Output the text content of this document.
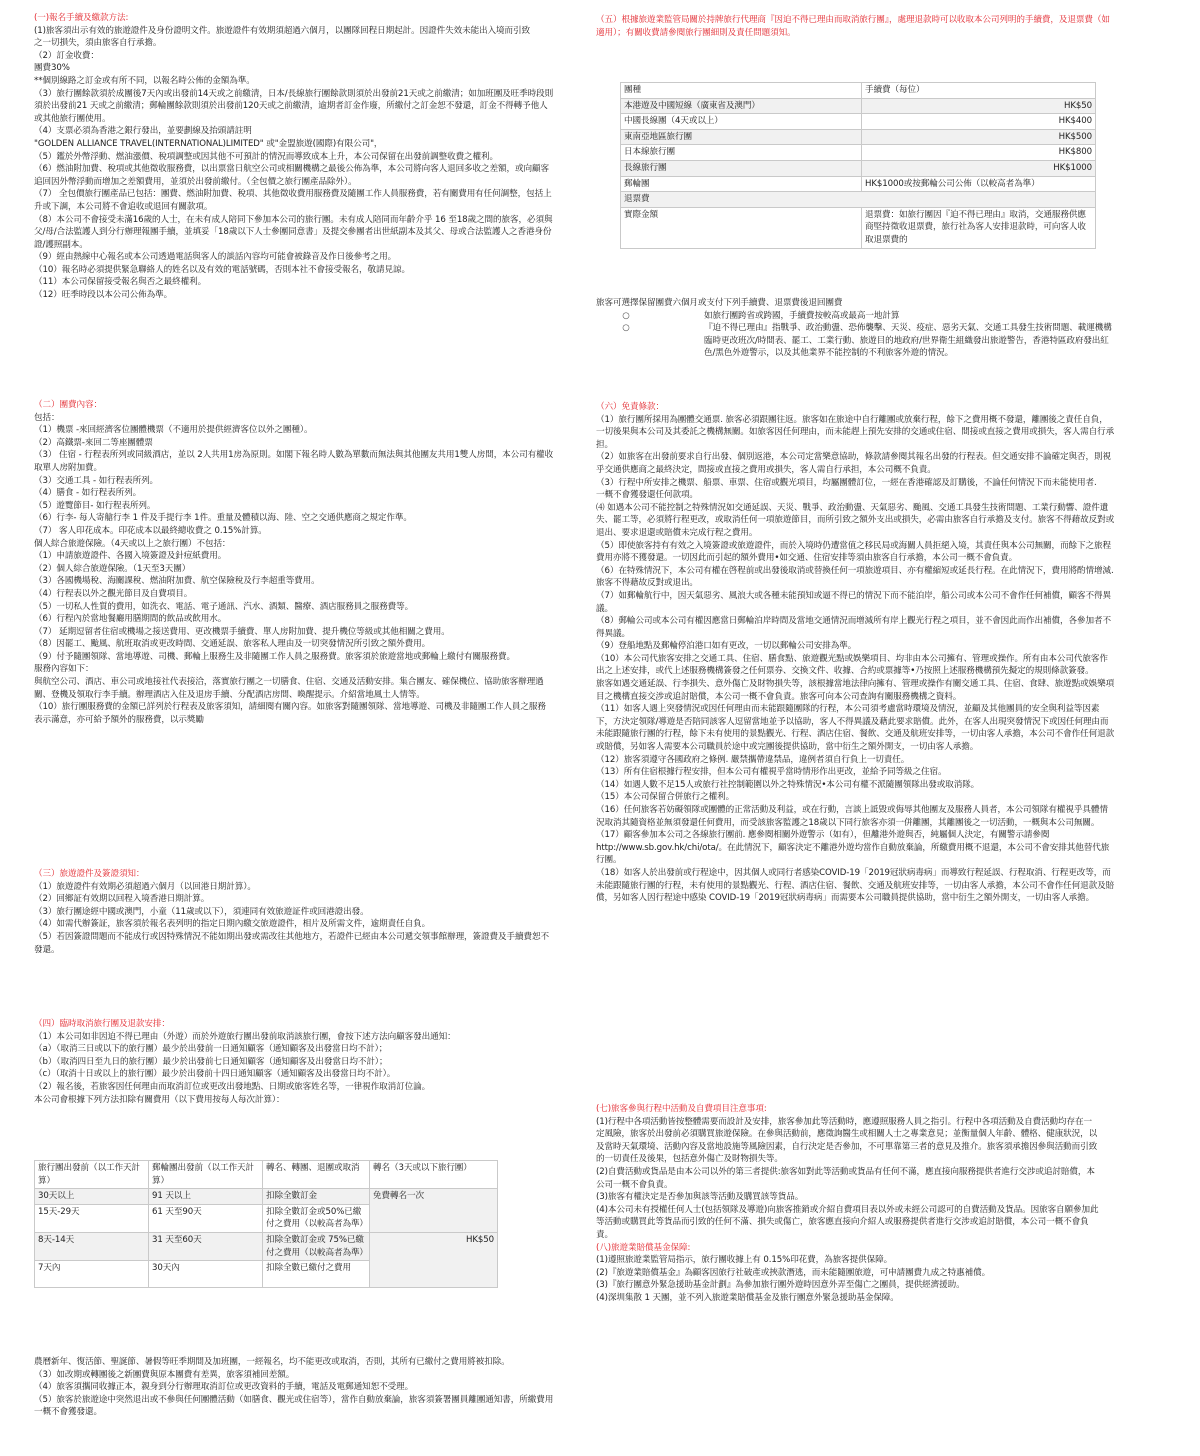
(一)報名手續及繳款方法:

(1)旅客須出示有效的旅遊證件及身份證明文件。旅遊證件有效期須超過六個月，以團隊回程日期起計。因證件失效未能出入境而引致

之一切損失，須由旅客自行承擔。

（2）訂金收費：

團費30%

**個別線路之訂金或有所不同，以報名時公佈的金額為準。

（3）旅行團餘款須於成團後7天內或出發前14天或之前繳清，日本/長線旅行團餘款則須於出發前21天或之前繳清；如加班團及旺季時段則須於出發前21 天或之前繳清；郵輪團餘款則須於出發前120天或之前繳清，逾期者訂金作廢，所繳付之訂金恕不發還，訂金不得轉予他人或其他旅行團使用。

（4）支票必須為香港之銀行發出，並要劃線及抬頭請註明

"GOLDEN ALLIANCE TRAVEL(INTERNATIONAL)LIMITED" 或"金盟旅遊(國際)有限公司"，

（5）鑑於外幣浮動、燃油漲價、稅項調整或因其他不可預計的情況而導致成本上升，本公司保留在出發前調整收費之權利。

（6）燃油附加費、稅項或其他徵收服務費，以出票當日航空公司或相關機構之最後公佈為準，本公司將向客人退回多收之差額，或向顧客追回因外幣浮動而增加之差額費用，並須於出發前繳付。（全包價之旅行團產品除外）。

（7） 全包價旅行團產品已包括：團費、燃油附加費、稅項、其他徵收費用服務費及隨團工作人員服務費，若有關費用有任何調整，包括上升或下調，本公司將不會追收或退回有關款項。

（8）本公司不會接受未滿16歲的人士，在未有成人陪同下參加本公司的旅行團。未有成人陪同而年齡介乎 16 至18歲之間的旅客，必須與父/母/合法監護人到分行辦理報團手續，並填妥「18歲以下人士參團同意書」及提交參團者出世紙副本及其父、母或合法監護人之香港身份證/護照副本。

（9）經由熱線中心報名或本公司透過電話與客人的談話內容均可能會被錄音及作日後參考之用。

（10）報名時必須提供緊急聯絡人的姓名以及有效的電話號碼，否則本社不會接受報名，敬請見諒。

（11）本公司保留接受報名與否之最終權利。

（12）旺季時段以本公司公佈為準。

（二）團費內容：

包括：

（1）機票 -來回經濟客位團體機票（不適用於提供經濟客位以外之團種）。

（2）高鐵票-來回二等座團體票

（3） 住宿 - 行程表所列或同級酒店，並以 2人共用1房為原則。如閣下報名時人數為單數而無法與其他團友共用1雙人房間，本公司有權收取單人房附加費。

（3）交通工具 - 如行程表所列。

（4）膳食 - 如行程表所列。

（5）遊覽節目- 如行程表所列。

（6）行李- 每人寄艙行李 1 件及手提行李 1件。重量及體積以海、陸、空之交通供應商之規定作準。

（7） 客人印花成本。印花成本以最終總收費之 0.15%計算。

個人綜合旅遊保險。（4天或以上之旅行團）不包括：

（1）申請旅遊證件、各國入境簽證及針痘紙費用。

（2）個人綜合旅遊保險。（1天至3天團）

（3）各國機場稅、海關課稅、燃油附加費、航空保險稅及行李超重等費用。

（4）行程表以外之觀光節目及自費項目。

（5）一切私人性質的費用，如洗衣、電話、電子通訊、汽水、酒類、醫療、酒店服務員之服務費等。

（6）行程內於當地餐廳用膳期間的飲品或飲用水。

（7） 延期逗留者住宿或機場之接送費用、更改機票手續費、單人房附加費、提升機位等級或其他相關之費用。

（8）因罷工、颱風、航班取消或更改時間、交通延誤、旅客私人理由及一切突發情況所引致之額外費用。

（9）付予隨團領隊、當地導遊、司機、郵輪上服務生及非隨團工作人員之服務費。旅客須於旅遊當地或郵輪上繳付有關服務費。

服務內容如下：

與航空公司、酒店、車公司或地接社代表接洽，落實旅行團之一切膳食、住宿、交通及活動安排。集合團友、確保機位、協助旅客辦理過關、登機及領取行李手續。辦理酒店入住及退房手續、分配酒店房間、喚醒提示。介紹當地風土人情等。

（10）旅行團服務費的金額已詳列於行程表及旅客須知，請細閱有關內容。如旅客對隨團領隊、當地導遊、司機及非隨團工作人員之服務表示滿意，亦可給予額外的服務費，以示獎勵

（三）旅遊證件及簽證須知：

（1）旅遊證件有效期必須超過六個月（以回港日期計算）。

（2）回鄉証有效期以回程入境香港日期計算。

（3）旅行團途經中國或澳門，小童（11歲或以下），須連同有效旅遊証件或回港證出發。

（4）如需代辦簽証，旅客須於報名表列明的指定日期內繳交旅遊證件，相片及所需文件，逾期責任自負。

（5）若因簽證問題而不能成行或因特殊情況不能如期出發或需改往其他地方，若證件已經由本公司遞交領事館辦理，簽證費及手續費恕不發還。

（四）臨時取消旅行團及退款安排：

（1）本公司如非因迫不得已理由（外遊）而於外遊旅行團出發前取消該旅行團，會按下述方法向顧客發出通知：

（a）（取消三日或以下的旅行團）最少於出發前一日通知顧客（通知顧客及出發當日均不計）；

（b）（取消四日至九日的旅行團）最少於出發前七日通知顧客（通知顧客及出發當日均不計）；

（c）（取消十日或以上的旅行團）最少於出發前十四日通知顧客（通知顧客及出發當日均不計）。

（2）報名後，若旅客因任何理由而取消訂位或更改出發地點、日期或旅客姓名等，一律視作取消訂位論。

本公司會根據下列方法扣除有關費用（以下費用按每人每次計算）：

旅行團出發前（以工作天計算）	郵輪團出發前（以工作天計算）	轉名、轉團、退團或取消	轉名（3天或以下旅行團）
30天以上	91 天以上	扣除全數訂金	免費轉名一次
15天-29天	61 天至90天	扣除全數訂金或50%已繳付之費用（以較高者為準）	
8天-14天	31 天至60天	扣除全數訂金或 75%已繳付之費用（以較高者為準）	HK$50
7天內	30天內	扣除全數已繳付之費用	

農曆新年、復活節、聖誕節、暑假等旺季期間及加班團，一經報名，均不能更改或取消，否則，其所有已繳付之費用將被扣除。

（3）如改期或轉團後之新團費與原本團費有差異，旅客須補回差額。

（4）旅客須攜同收據正本，親身到分行辦理取消訂位或更改資料的手續，電話及電郵通知恕不受理。

（5）旅客於旅遊途中突然退出或不參與任何團體活動（如膳食、觀光或住宿等），當作自動放棄論，旅客須簽署團員離團通知書，所繳費用一概不會獲發還。

（五）根據旅遊業監管局關於持牌旅行代理商『因迫不得已理由而取消旅行團』，處理退款時可以收取本公司列明的手續費，及退票費（如適用）；有關收費請參閱旅行團細則及責任問題須知。

團種	手續費（每位）
本港遊及中國短線（廣東省及澳門）	HK$50
中國長線團（4天或以上）	HK$400
東南亞地區旅行團	HK$500
日本線旅行團	HK$800
長線旅行團	HK$1000
郵輪團	HK$1000或按郵輪公司公佈（以較高者為準）
退票費	
實際金額	退票費：如旅行團因『迫不得已理由』取消，交通服務供應商堅持徵收退票費，旅行社為客人安排退款時，可向客人收取退票費的

旅客可選擇保留團費六個月或支付下列手續費、退票費後退回團費

○	如旅行團跨省或跨國，手續費按較高或最高一地計算
○	『迫不得已理由』指戰爭、政治動盪、恐佈襲擊、天災、疫症、惡劣天氣、交通工具發生技術問題、載運機構臨時更改班次/時間表、罷工、工業行動、旅遊目的地政府/世界衛生組織發出旅遊警告，香港特區政府發出紅色/黑色外遊警示，以及其他業界不能控制的不利旅客外遊的情況。

（六）免責條款：

（1）旅行團所採用為團體交通票. 旅客必須跟團往返。旅客如在旅途中自行離團或放棄行程，餘下之費用概不發還，離團後之責任自負，一切後果與本公司及其委託之機構無關。如旅客因任何理由，而未能趕上預先安排的交通或住宿、間接或直接之費用或損失，客人需自行承担。

（2）如旅客在出發前要求自行出發、個別返港，本公司定當樂意協助，條款請參閱其報名出發的行程表。但交通安排不論確定與否，則視乎交通供應商之最終決定，間接或直接之費用或損失，客人需自行承担，本公司概不負責。

（3）行程中所安排之機票、船票、車票、住宿或觀光項目，均屬團體訂位，一經在香港確認及訂購後，不論任何情況下而未能使用者.

一概不會獲發還任何款項。

⑷ 如遇本公司不能控制之特殊情況如交通延誤、天災、戰爭、政治動盪、天氣惡劣、颱風、交通工具發生技術問題、工業行動響、證件遺失、罷工等，必須將行程更改，或取消任何一項旅遊節目，而所引致之額外支出或損失，必需由旅客自行承擔及支付。旅客不得藉故反對或退出、要求退還或賠償未完成行程之費用。

（5）即使旅客持有有效之入境簽證或旅遊證件，而於入境時仍遭當值之移民局或海關人員拒絕入境，其責任與本公司無關，而餘下之旅程費用亦將不獲發還。一切因此而引起的額外費用•如交通、住宿安排等須由旅客自行承擔，本公司一概不會負責。

（6）在特殊情況下，本公司有權在啓程前或出發後取消或替換任何一項旅遊項目、亦有權縮短或延長行程。在此情況下，費用將酌情增減. 旅客不得藉故反對或退出。

（7）如郵輪航行中，因天氣惡劣、風浪大或各種未能預知或逼不得已的情況下而不能泊岸，船公司或本公司不會作任何補償，顧客不得異議。

（8）郵輪公司或本公司有權因應當日郵輪泊岸時間及當地交通情況而增減所有岸上觀光行程之項目，並不會因此而作出補償，各參加者不得異議。

（9）登船地點及郵輪停泊港口如有更改，一切以郵輪公司安排為準。

（10）本公司代旅客安排之交通工具、住宿、膳食點、旅遊觀光點或娛樂項目、均非由本公司擁有、管理或操作。所有由本公司代旅客作出之上述安排，或代上述服務機構簽發之任何票券、交換文件、收據、合約或票據等•乃按照上述服務機構預先擬定的規則條款簽發。

旅客如遇交通延誤、行李損失、意外傷亡及財物損失等，該根據當地法律向擁有、管理或操作有關交通工具、住宿、食肆、旅遊點或娛樂項目之機構直接交涉或追討賠償，本公司一概不會負責。旅客可向本公司查詢有關服務機構之資料。

（11）如客人遇上突發情況或因任何理由而未能跟隨團隊的行程，本公司須考慮當時環境及情況，並顧及其他團員的安全與利益等因素下，方決定領隊/導遊是否陪同該客人逗留當地並予以協助，客人不得異議及藉此要求賠償。此外，在客人出現突發情況下或因任何理由而未能跟隨旅行團的行程，餘下未有使用的景點觀光、行程、酒店住宿、餐飲、交通及航班安排等，一切由客人承擔，本公司不會作任何退款或賠償，另如客人需要本公司職員於途中或完團後提供協助，當中衍生之額外開支，一切由客人承擔。

（12）旅客須遵守各國政府之條例. 嚴禁攜帶違禁品，違例者須自行負上一切責任。

（13）所有住宿根據行程安排，但本公司有權視乎當時情形作出更改，並給予同等級之住宿。

（14）如遇人數不足15人或旅行社控制範圍以外之特殊情況•本公司有權不派隨團領隊出發或取消隊。

（15）本公司保留合併旅行之權利。

（16）任何旅客若妨礙領隊或團體的正常活動及利益，或在行動，言談上詆毀或侮辱其他團友及服務人員者，本公司領隊有權視乎具體情況取消其隨資格並無須發還任何費用，而受該旅客監護之18歲以下同行旅客亦須一併離團，其離團後之一切活動，一概與本公司無關。

（17）顧客參加本公司之各線旅行團前. 應參閱相關外遊警示（如有），但離港外遊與否，純屬個人決定，有關警示請參閱http://www.sb.gov.hk/chi/ota/。在此情況下，顧客決定不離港外遊均當作自動放棄論，所繳費用概不退還，本公司不會安排其他替代旅行團。

（18）如客人於出發前或行程途中，因其個人或同行者感染COVID-19「2019冠狀病毒病」而導致行程延誤、行程取消、行程更改等，而未能跟隨旅行團的行程，未有使用的景點觀光、行程、酒店住宿、餐飲、交通及航班安排等，一切由客人承擔，本公司不會作任何退款及賠償，另如客人因行程途中感染 COVID-19「2019冠狀病毒病」而需要本公司職員提供協助，當中衍生之額外開支，一切由客人承擔。

(七)旅客參與行程中活動及自費項目注意事項:

(1)行程中各項活動皆按整體需要而設計及安排，旅客參加此等活動時，應遵照服務人員之指引。行程中各項活動及自費活動均存在一

定風險，旅客於出發前必須購買旅遊保險。在參與活動前，應徵詢醫生或相關人士之專業意見；並衡量個人年齡、體格、健康狀況，以

及當時天氣環境、活動內容及當地設施等風險因素，自行決定是否參加，不可單靠第三者的意見及推介。旅客須承擔因參與活動而引致

的一切責任及後果，包括意外傷亡及財物損失等。

(2)自費活動或貨品是由本公司以外的第三者提供:旅客如對此等活動或貨品有任何不滿，應直接向服務提供者進行交涉或追討賠償，本

公司一概不會負責。

(3)旅客有權決定是否參加與該等活動及購買該等貨品。

(4)本公司未有授權任何人士(包括領隊及導遊)向旅客推銷或介紹自費項目表以外或未經公司認可的自費活動及貨品。因旅客自願參加此

等活動或購買此等貨品而引致的任何不滿、損失或傷亡，旅客應直接向介紹人或服務提供者進行交涉或追討賠償，本公司一概不會負

責。

(八)旅遊業賠償基金保障:

(1)遵照旅遊業監管局指示，旅行團收據上有 0.15%印花費，為旅客提供保障。

(2)『旅遊業賠償基金』為顧客因旅行社破產或挾款潛逃，而未能隨團旅遊，可申請團費九成之特惠補償。

(3)『旅行團意外緊急援助基金計劃』為參加旅行團外遊時因意外弄至傷亡之團員，提供經濟援助。

(4)深圳集散 1 天團，並不列入旅遊業賠償基金及旅行團意外緊急援助基金保障。
